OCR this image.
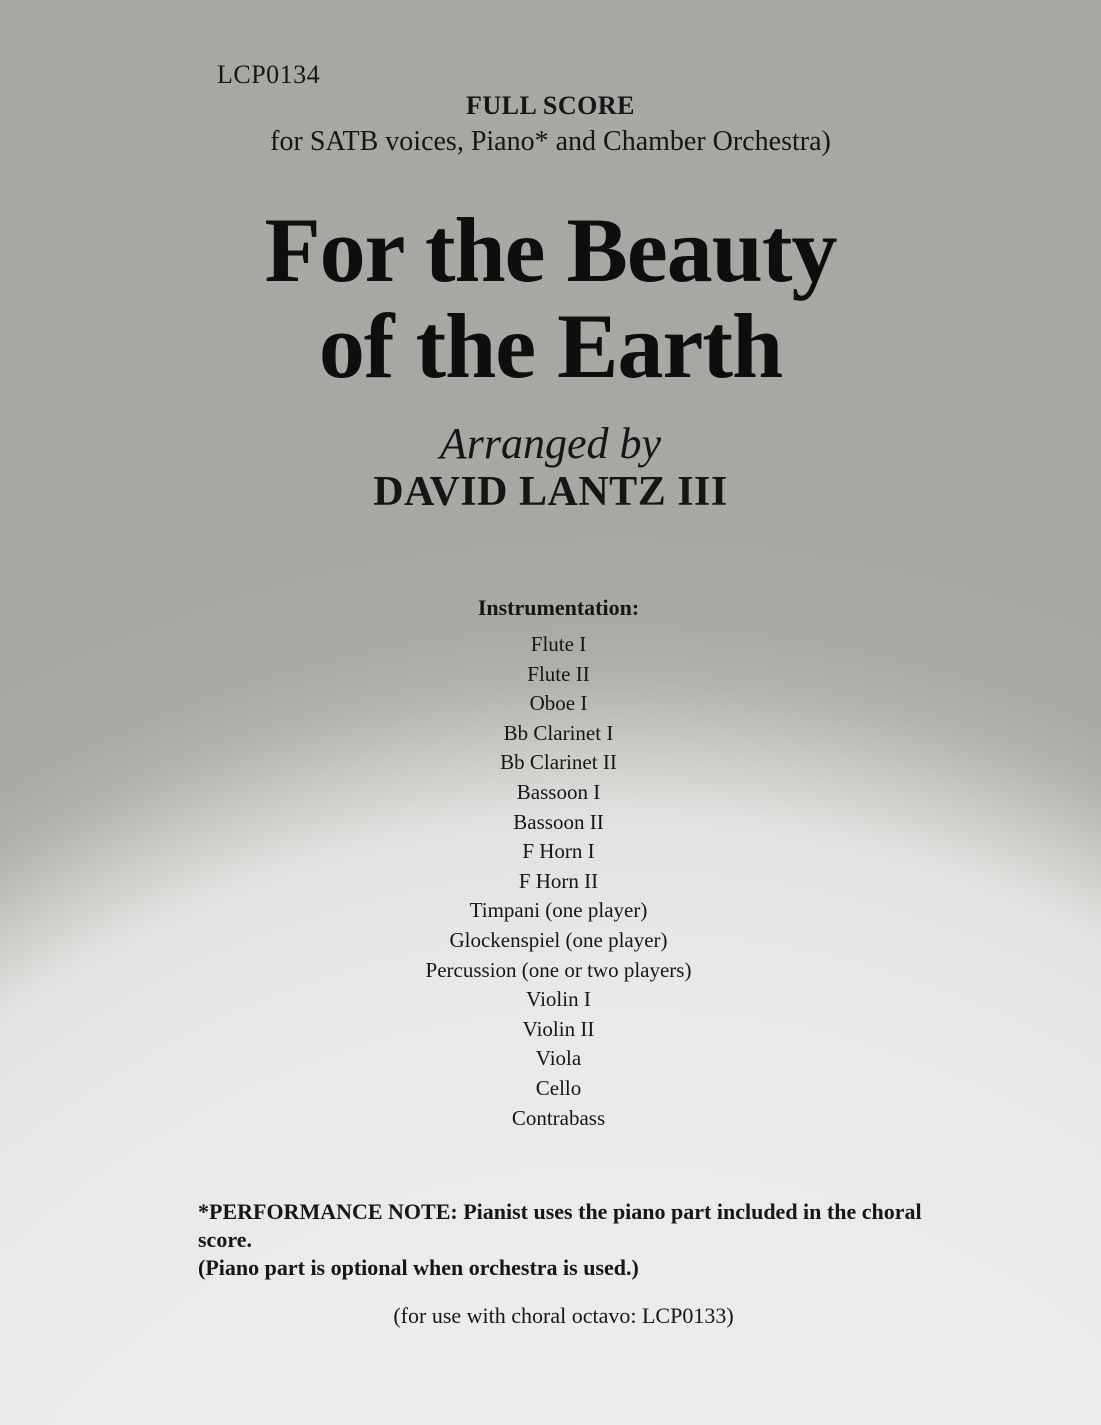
LCP0134
FULL SCORE
for SATB voices, Piano* and Chamber Orchestra)
For the Beauty
of the Earth
Arranged by
DAVID LANTZ III
Instrumentation:
Flute I
Flute II
Oboe I
Bb Clarinet I
Bb Clarinet II
Bassoon I
Bassoon II
F Horn I
F Horn II
Timpani (one player)
Glockenspiel (one player)
Percussion (one or two players)
Violin I
Violin II
Viola
Cello
Contrabass
*PERFORMANCE NOTE: Pianist uses the piano part included in the choral score.
(Piano part is optional when orchestra is used.)
(for use with choral octavo: LCP0133)
